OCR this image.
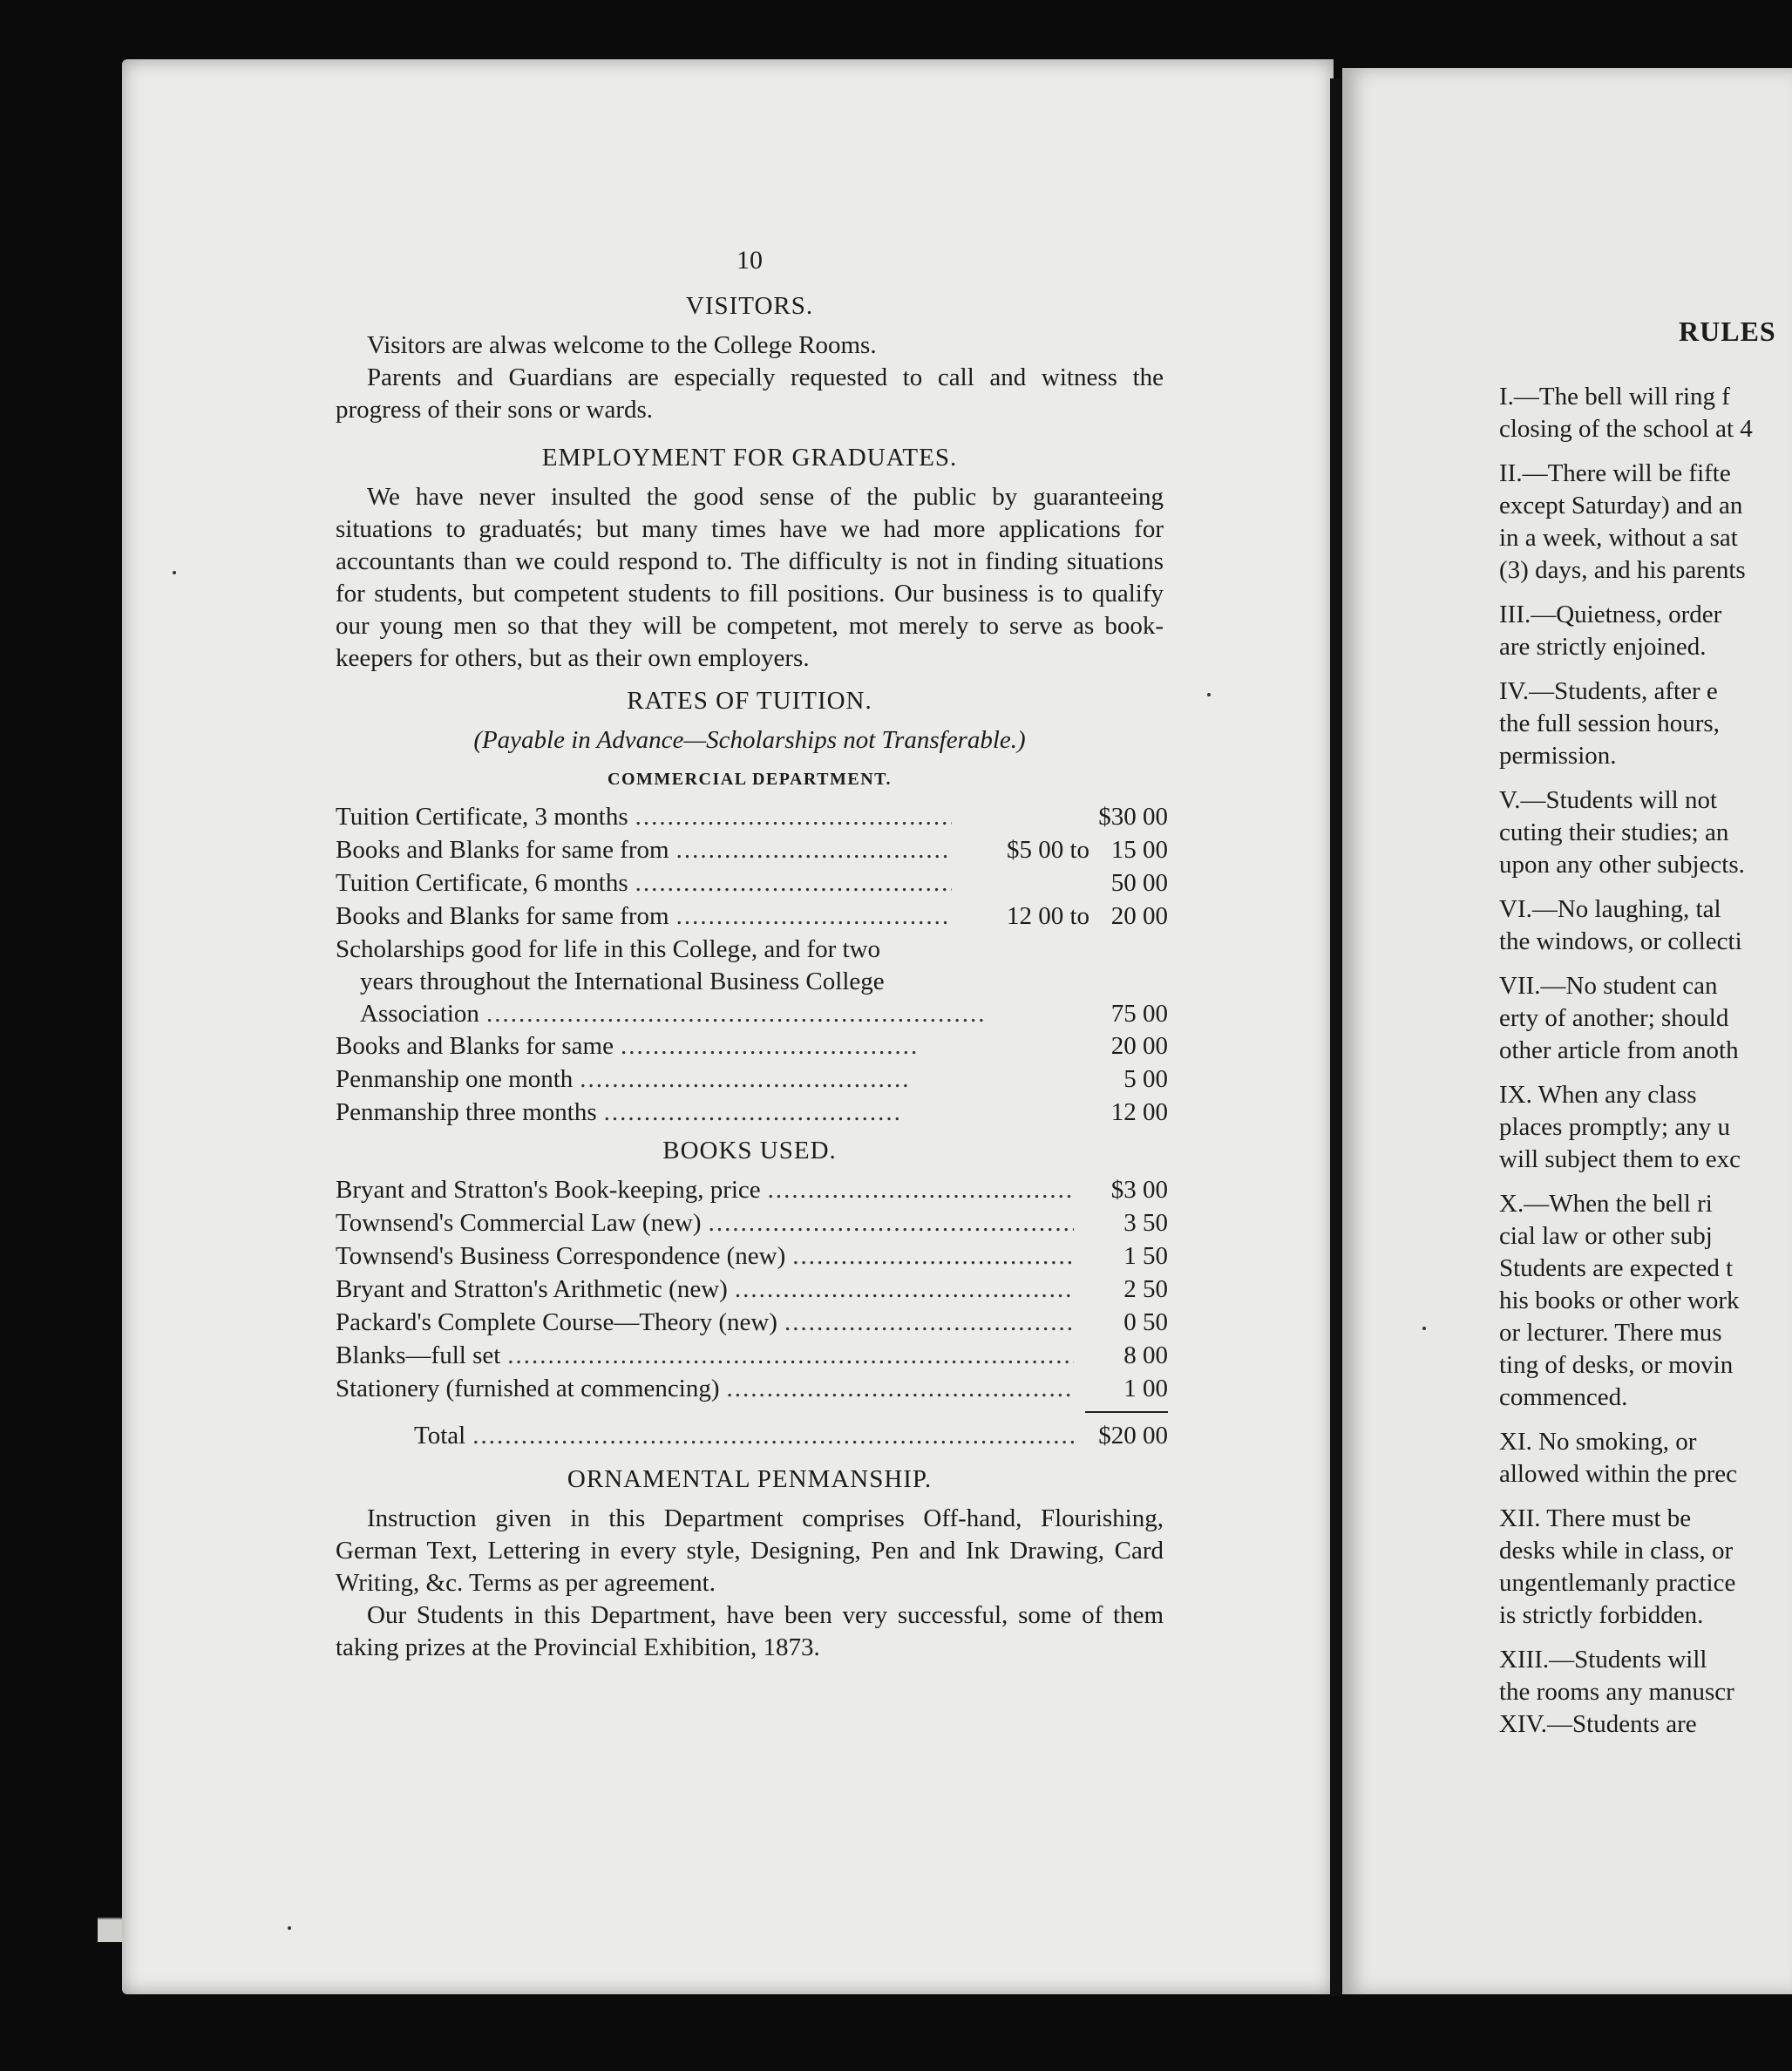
10
VISITORS.

Visitors are alwas welcome to the College Rooms.

Parents and Guardians are especially requested to call and witness the progress of their sons or wards.

EMPLOYMENT FOR GRADUATES.

We have never insulted the good sense of the public by guaranteeing situations to graduatés; but many times have we had more applications for accountants than we could respond to. The difficulty is not in finding situations for students, but competent students to fill positions. Our business is to qualify our young men so that they will be competent, mot merely to serve as book-keepers for others, but as their own employers.

RATES OF TUITION.
(Payable in Advance—Scholarships not Transferable.)
COMMERCIAL DEPARTMENT.
Tuition Certificate, 3 months .....	$30 00
Books and Blanks for same from .....	$5 00 to 15 00
Tuition Certificate, 6 months .....	50 00
Books and Blanks for same from .....	12 00 to 20 00
Scholarships good for life in this College, and for two
years throughout the International Business College
Association .....	75 00
Books and Blanks for same .....	20 00
Penmanship one month .....	5 00
Penmanship three months .....	12 00
BOOKS USED.
Bryant and Stratton's Book-keeping, price .....	$3 00
Townsend's Commercial Law (new) .....	3 50
Townsend's Business Correspondence (new) .....	1 50
Bryant and Stratton's Arithmetic (new) .....	2 50
Packard's Complete Course—Theory (new) .....	0 50
Blanks—full set .....	8 00
Stationery (furnished at commencing) .....	1 00
Total .....	$20 00
ORNAMENTAL PENMANSHIP.

Instruction given in this Department comprises Off-hand, Flourishing, German Text, Lettering in every style, Designing, Pen and Ink Drawing, Card Writing, &c. Terms as per agreement.

Our Students in this Department, have been very successful, some of them taking prizes at the Provincial Exhibition, 1873.

RULES
I.—The bell will ring f
closing of the school at 4
II.—There will be fifte
except Saturday) and an
in a week, without a sat
(3) days, and his parents
III.—Quietness, order
are strictly enjoined.
IV.—Students, after e
the full session hours,
permission.
V.—Students will not
cuting their studies; an
upon any other subjects.
VI.—No laughing, tal
the windows, or collecti
VII.—No student can
erty of another; should
other article from anoth
IX. When any class
places promptly; any u
will subject them to exc
X.—When the bell ri
cial law or other subj
Students are expected t
his books or other work
or lecturer. There mus
ting of desks, or movin
commenced.
XI. No smoking, or
allowed within the prec
XII. There must be
desks while in class, or
ungentlemanly practice
is strictly forbidden.
XIII.—Students will
the rooms any manuscr
XIV.—Students are
